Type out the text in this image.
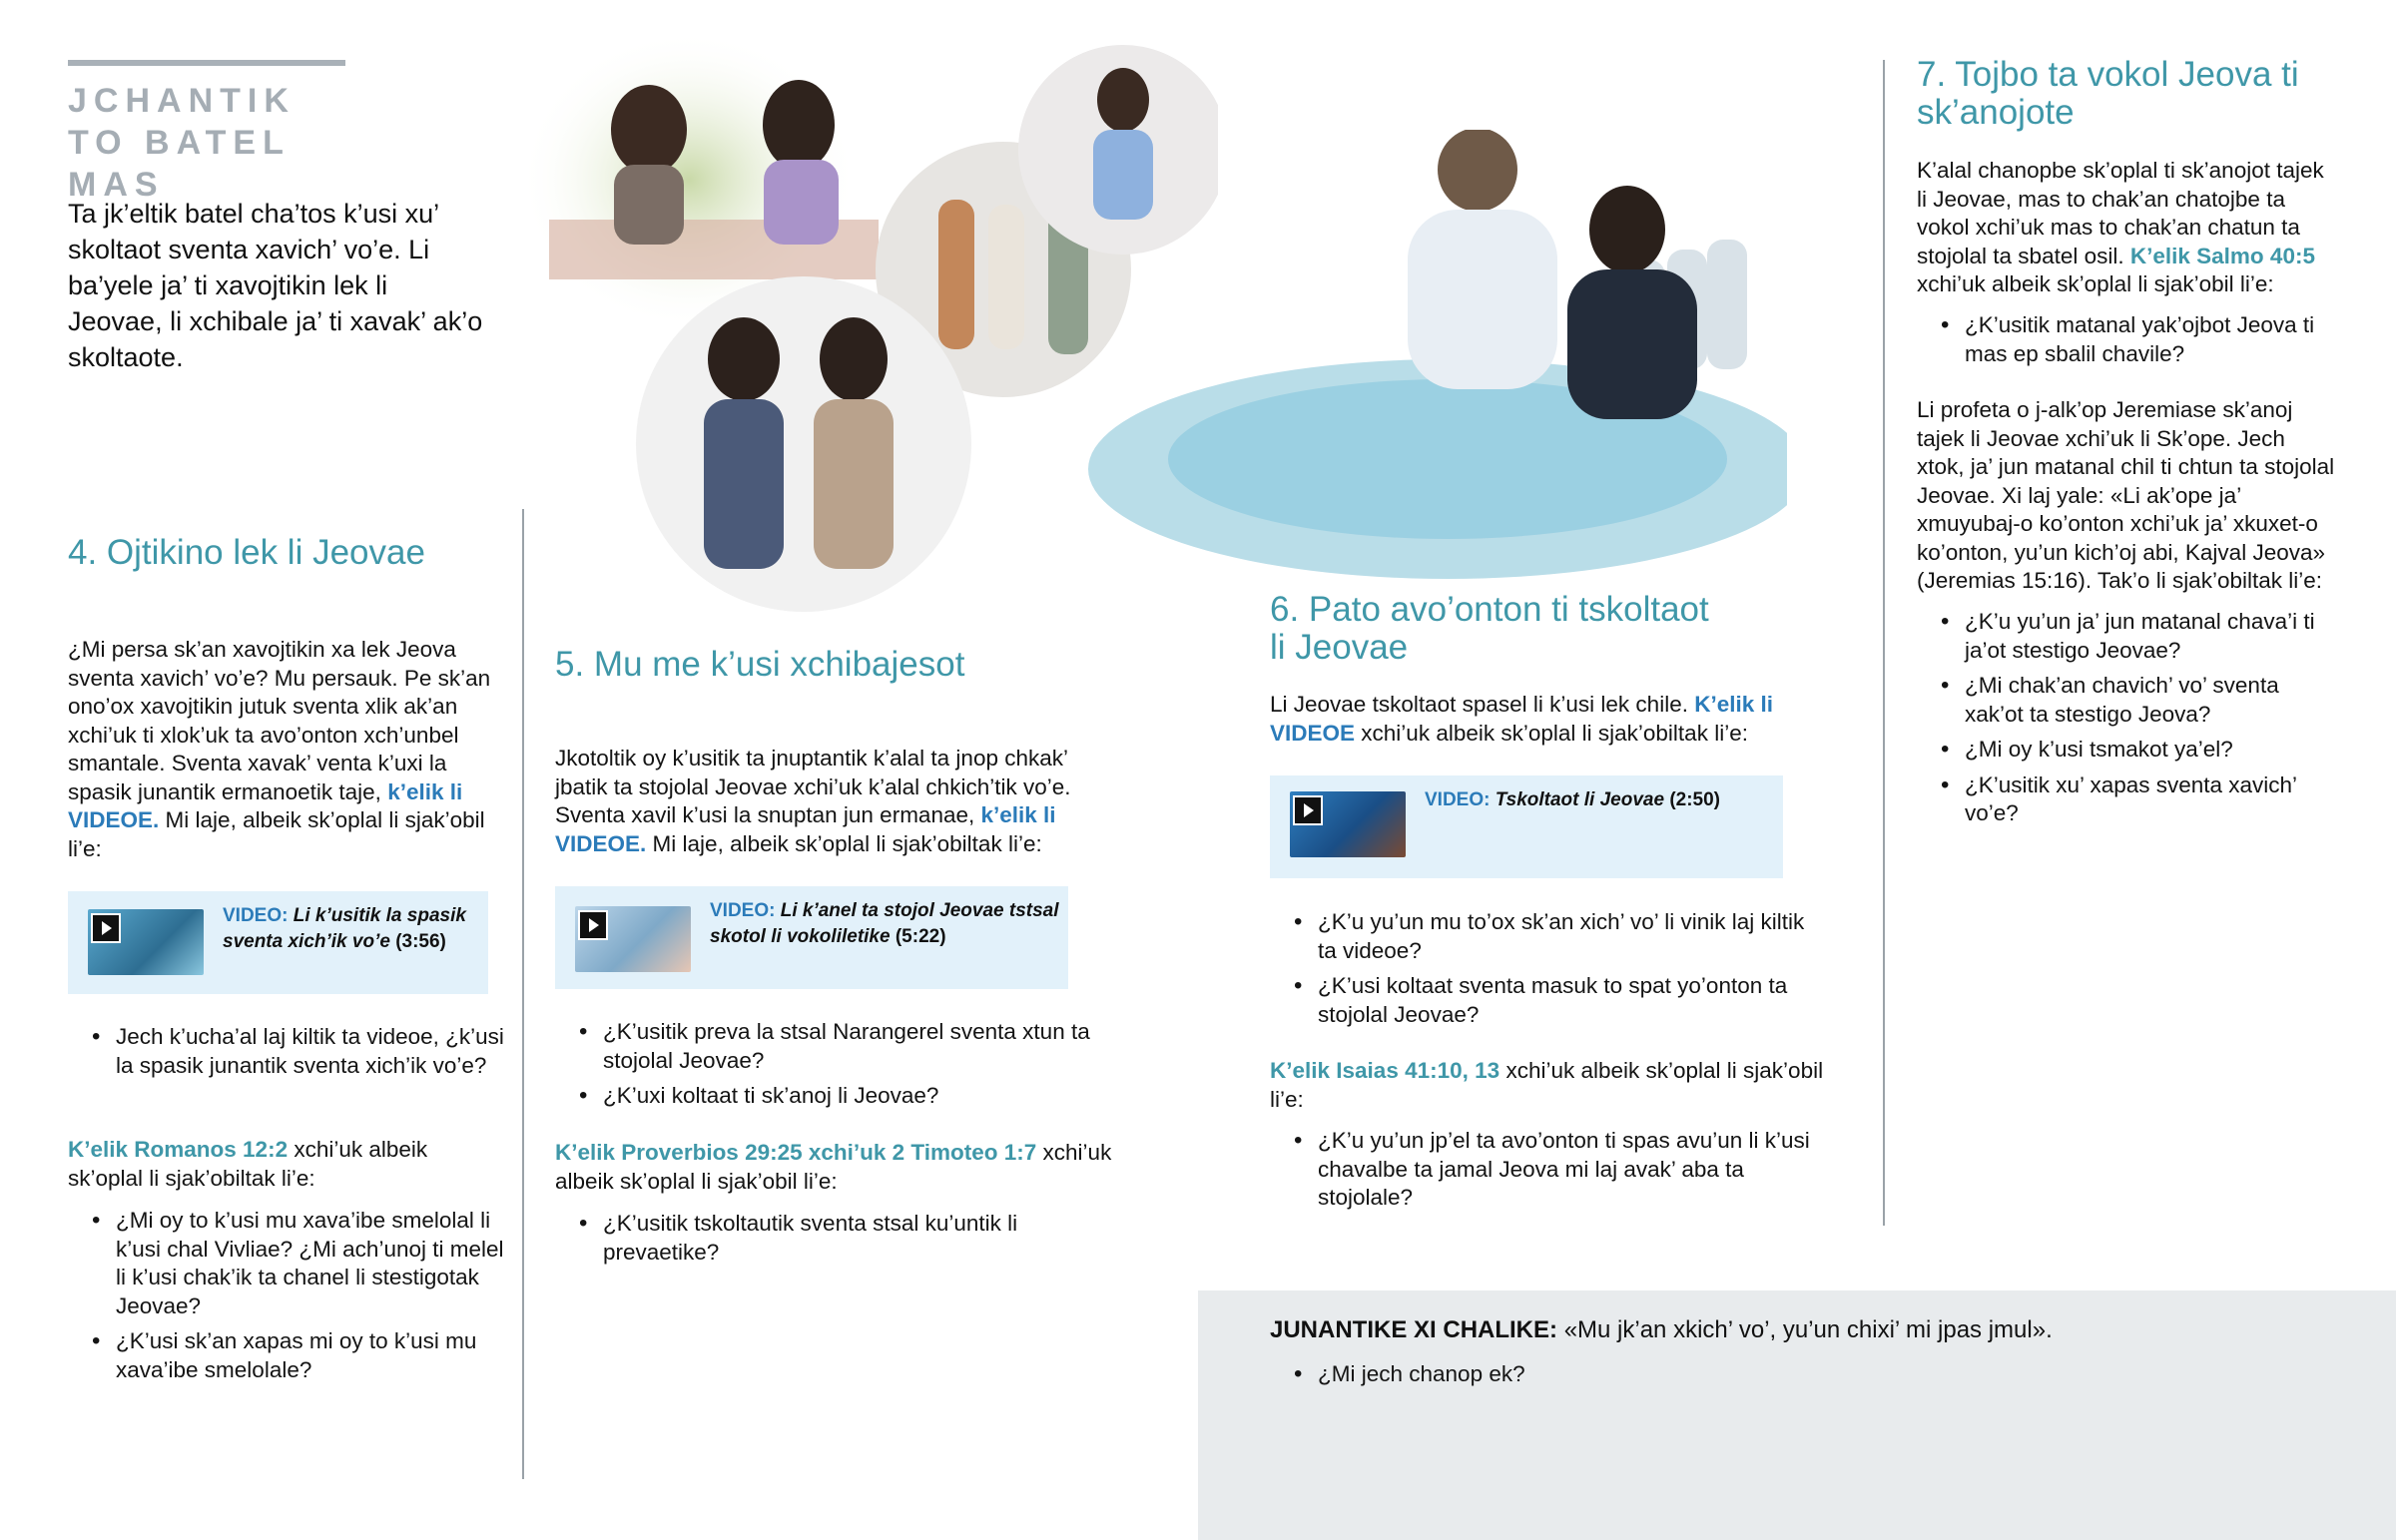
JCHANTIK TO BATEL MAS
Ta jk’eltik batel cha’tos k’usi xu’ skoltaot sventa xavich’ vo’e. Li ba’yele ja’ ti xavojtikin lek li Jeovae, li xchibale ja’ ti xavak’ ak’o skoltaote.
4. Ojtikino lek li Jeovae
¿Mi persa sk’an xavojtikin xa lek Jeova sventa xavich’ vo’e? Mu persauk. Pe sk’an ono’ox xavojtikin jutuk sventa xlik ak’an xchi’uk ti xlok’uk ta avo’onton xch’unbel smantale. Sventa xavak’ venta k’uxi la spasik junantik ermanoetik taje, k’elik li VIDEOE. Mi laje, albeik sk’oplal li sjak’obil li’e:
VIDEO: Li k’usitik la spasik sventa xich’ik vo’e (3:56)
• Jech k’ucha’al laj kiltik ta videoe, ¿k’usi la spasik junantik sventa xich’ik vo’e?
K’elik Romanos 12:2 xchi’uk albeik sk’oplal li sjak’obiltak li’e:
• ¿Mi oy to k’usi mu xava’ibe smelolal li k’usi chal Vivliae? ¿Mi ach’unoj ti melel li k’usi chak’ik ta chanel li stestigotak Jeovae?
• ¿K’usi sk’an xapas mi oy to k’usi mu xava’ibe smelolale?
5. Mu me k’usi xchibajesot
Jkotoltik oy k’usitik ta jnuptantik k’alal ta jnop chkak’ jbatik ta stojolal Jeovae xchi’uk k’alal chkich’tik vo’e. Sventa xavil k’usi la snuptan jun ermanae, k’elik li VIDEOE. Mi laje, albeik sk’oplal li sjak’obiltak li’e:
VIDEO: Li k’anel ta stojol Jeovae tstsal skotol li vokoliletike (5:22)
• ¿K’usitik preva la stsal Narangerel sventa xtun ta stojolal Jeovae?
• ¿K’uxi koltaat ti sk’anoj li Jeovae?
K’elik Proverbios 29:25 xchi’uk 2 Timoteo 1:7 xchi’uk albeik sk’oplal li sjak’obil li’e:
• ¿K’usitik tskoltautik sventa stsal ku’untik li prevaetike?
6. Pato avo’onton ti tskoltaot li Jeovae
Li Jeovae tskoltaot spasel li k’usi lek chile. K’elik li VIDEOE xchi’uk albeik sk’oplal li sjak’obiltak li’e:
VIDEO: Tskoltaot li Jeovae (2:50)
• ¿K’u yu’un mu to’ox sk’an xich’ vo’ li vinik laj kiltik ta videoe?
• ¿K’usi koltaat sventa masuk to spat yo’onton ta stojolal Jeovae?
K’elik Isaias 41:10, 13 xchi’uk albeik sk’oplal li sjak’obil li’e:
• ¿K’u yu’un jp’el ta avo’onton ti spas avu’un li k’usi chavalbe ta jamal Jeova mi laj avak’ aba ta stojolale?
7. Tojbo ta vokol Jeova ti sk’anojote
K’alal chanopbe sk’oplal ti sk’anojot tajek li Jeovae, mas to chak’an chatojbe ta vokol xchi’uk mas to chak’an chatun ta stojolal ta sbatel osil. K’elik Salmo 40:5 xchi’uk albeik sk’oplal li sjak’obil li’e:
• ¿K’usitik matanal yak’ojbot Jeova ti mas ep sbalil chavile?
Li profeta o j-alk’op Jeremiase sk’anoj tajek li Jeovae xchi’uk li Sk’ope. Jech xtok, ja’ jun matanal chil ti chtun ta stojolal Jeovae. Xi laj yale: «Li ak’ope ja’ xmuyubaj-o ko’onton xchi’uk ja’ xkuxet-o ko’onton, yu’un kich’oj abi, Kajval Jeova» (Jeremias 15:16). Tak’o li sjak’obiltak li’e:
• ¿K’u yu’un ja’ jun matanal chava’i ti ja’ot stestigo Jeovae?
• ¿Mi chak’an chavich’ vo’ sventa xak’ot ta stestigo Jeova?
• ¿Mi oy k’usi tsmakot ya’el?
• ¿K’usitik xu’ xapas sventa xavich’ vo’e?
JUNANTIKE XI CHALIKE: «Mu jk’an xkich’ vo’, yu’un chixi’ mi jpas jmul».
• ¿Mi jech chanop ek?
